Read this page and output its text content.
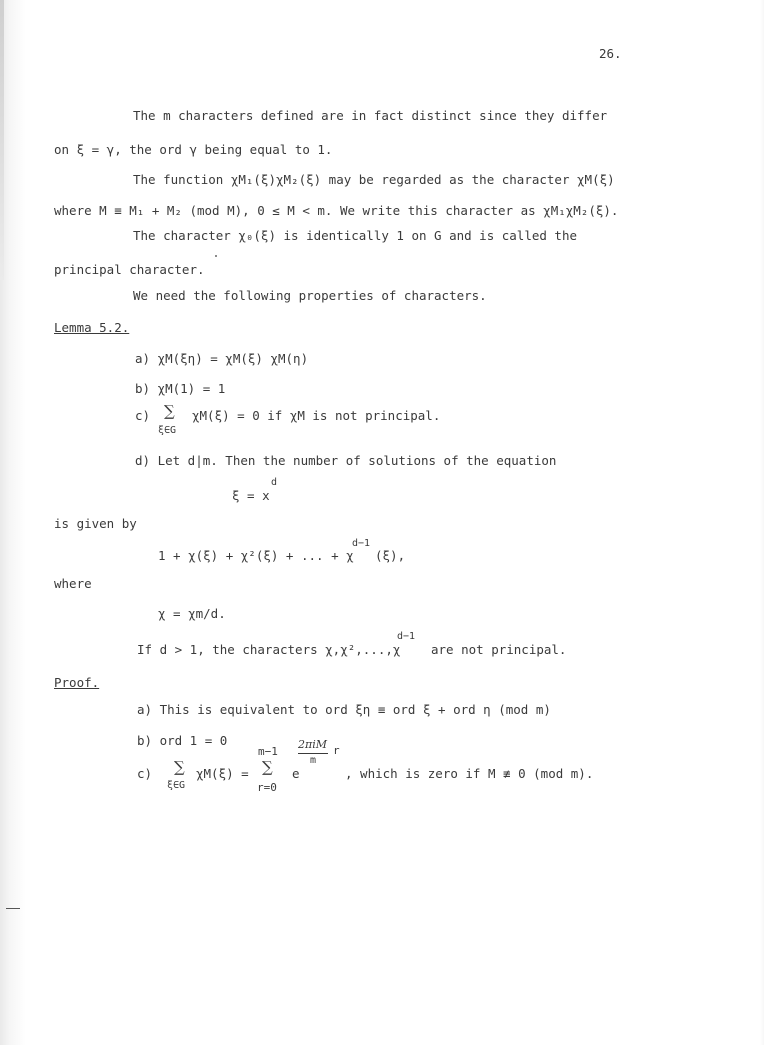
26.
The m characters defined are in fact distinct since they differ
on ξ = γ, the ord γ being equal to 1.
The function χM₁(ξ)χM₂(ξ) may be regarded as the character χM(ξ)
where M ≡ M₁ + M₂ (mod M), 0 ≤ M < m. We write this character as χM₁χM₂(ξ).
The character χ₀(ξ) is identically 1 on G and is called the
principal character.
We need the following properties of characters.
Lemma 5.2.
a) χM(ξη) = χM(ξ) χM(η)
b) χM(1) = 1
c) ∑
ξ∈G
χM(ξ) = 0 if χM is not principal.
d) Let d|m. Then the number of solutions of the equation
ξ = x
d
is given by
1 + χ(ξ) + χ²(ξ) + ... + χ
d−1
(ξ),
where
χ = χm/d.
If d > 1, the characters χ,χ²,...,χ
d−1
are not principal.
Proof.
a) This is equivalent to ord ξη ≡ ord ξ + ord η (mod m)
b) ord 1 = 0
c) ∑
ξ∈G
χM(ξ) =
m−1
∑
r=0
e
2πiM
m
r
, which is zero if M ≢ 0 (mod m).
